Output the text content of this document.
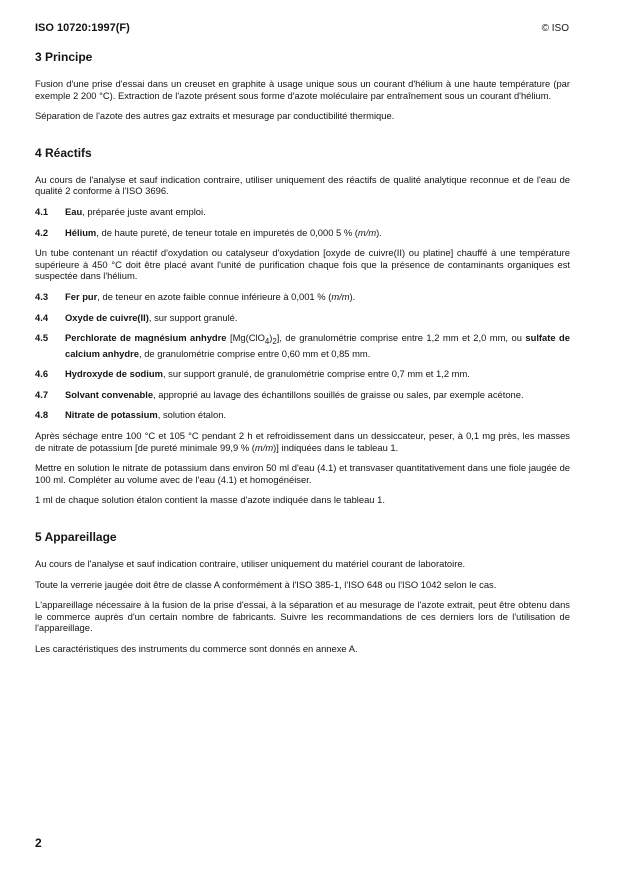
ISO 10720:1997(F)	© ISO
3 Principe

Fusion d'une prise d'essai dans un creuset en graphite à usage unique sous un courant d'hélium à une haute température (par exemple 2 200 °C). Extraction de l'azote présent sous forme d'azote moléculaire par entraînement sous un courant d'hélium.

Séparation de l'azote des autres gaz extraits et mesurage par conductibilité thermique.

4 Réactifs

Au cours de l'analyse et sauf indication contraire, utiliser uniquement des réactifs de qualité analytique reconnue et de l'eau de qualité 2 conforme à l'ISO 3696.

4.1	Eau, préparée juste avant emploi.
4.2	Hélium, de haute pureté, de teneur totale en impuretés de 0,000 5 % (m/m).

Un tube contenant un réactif d'oxydation ou catalyseur d'oxydation [oxyde de cuivre(II) ou platine] chauffé à une température supérieure à 450 °C doit être placé avant l'unité de purification chaque fois que la présence de contaminants organiques est suspectée dans l'hélium.

4.3	Fer pur, de teneur en azote faible connue inférieure à 0,001 % (m/m).
4.4	Oxyde de cuivre(II), sur support granulé.
4.5	Perchlorate de magnésium anhydre $[Mg(ClO_4)_2]$, de granulométrie comprise entre 1,2 mm et 2,0 mm, ou sulfate de calcium anhydre, de granulométrie comprise entre 0,60 mm et 0,85 mm.
4.6	Hydroxyde de sodium, sur support granulé, de granulométrie comprise entre 0,7 mm et 1,2 mm.
4.7	Solvant convenable, approprié au lavage des échantillons souillés de graisse ou sales, par exemple acétone.
4.8	Nitrate de potassium, solution étalon.

Après séchage entre 100 °C et 105 °C pendant 2 h et refroidissement dans un dessiccateur, peser, à 0,1 mg près, les masses de nitrate de potassium [de pureté minimale 99,9 % (m/m)] indiquées dans le tableau 1.

Mettre en solution le nitrate de potassium dans environ 50 ml d'eau (4.1) et transvaser quantitativement dans une fiole jaugée de 100 ml. Compléter au volume avec de l'eau (4.1) et homogénéiser.

1 ml de chaque solution étalon contient la masse d'azote indiquée dans le tableau 1.

5 Appareillage

Au cours de l'analyse et sauf indication contraire, utiliser uniquement du matériel courant de laboratoire.

Toute la verrerie jaugée doit être de classe A conformément à l'ISO 385-1, l'ISO 648 ou l'ISO 1042 selon le cas.

L'appareillage nécessaire à la fusion de la prise d'essai, à la séparation et au mesurage de l'azote extrait, peut être obtenu dans le commerce auprès d'un certain nombre de fabricants. Suivre les recommandations de ces derniers lors de l'utilisation de l'appareillage.

Les caractéristiques des instruments du commerce sont donnés en annexe A.

2
